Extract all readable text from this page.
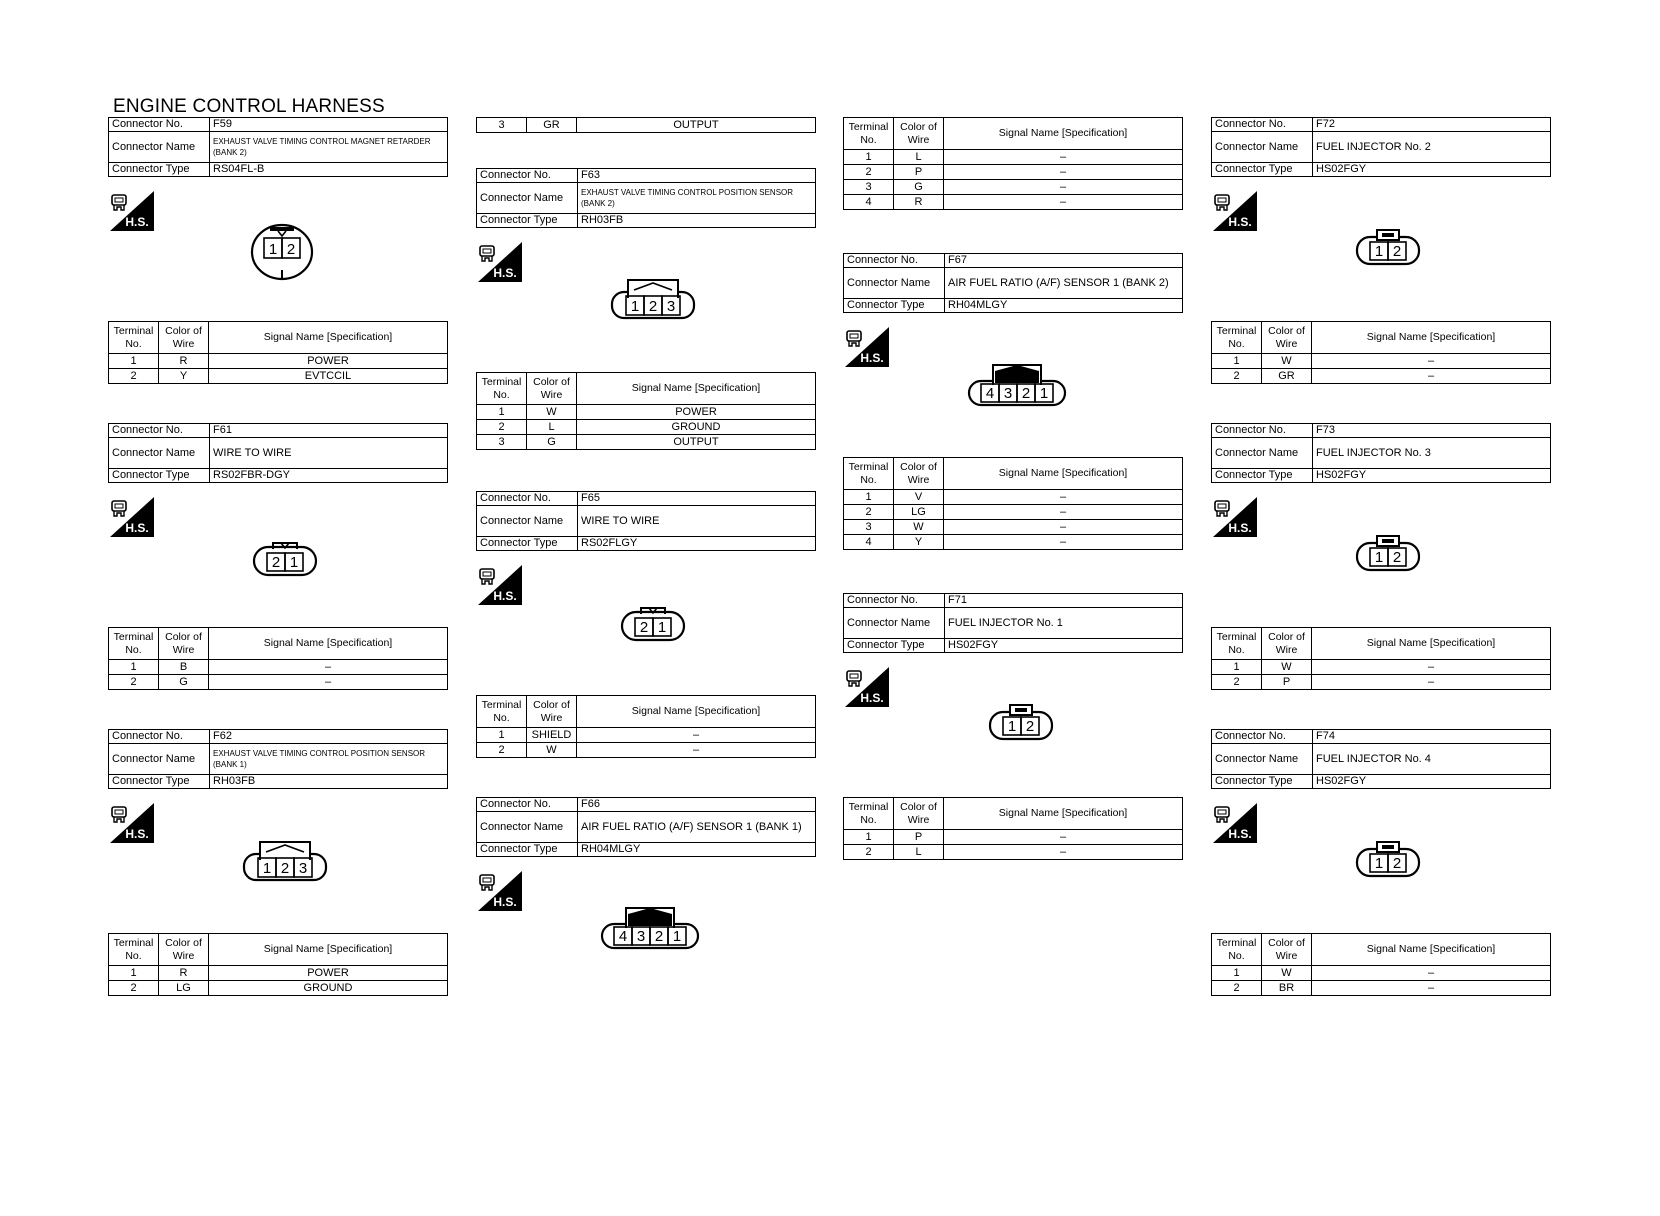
ENGINE CONTROL HARNESS
Connector No.	F59
Connector Name	EXHAUST VALVE TIMING CONTROL MAGNET RETARDER (BANK 2)
Connector Type	RS04FL-B
Connector No.	F61
Connector Name	WIRE TO WIRE
Connector Type	RS02FBR-DGY
Connector No.	F62
Connector Name	EXHAUST VALVE TIMING CONTROL POSITION SENSOR (BANK 1)
Connector Type	RH03FB
Connector No.	F63
Connector Name	EXHAUST VALVE TIMING CONTROL POSITION SENSOR (BANK 2)
Connector Type	RH03FB
Connector No.	F65
Connector Name	WIRE TO WIRE
Connector Type	RS02FLGY
Connector No.	F66
Connector Name	AIR FUEL RATIO (A/F) SENSOR 1 (BANK 1)
Connector Type	RH04MLGY
Connector No.	F67
Connector Name	AIR FUEL RATIO (A/F) SENSOR 1 (BANK 2)
Connector Type	RH04MLGY
Connector No.	F71
Connector Name	FUEL INJECTOR No. 1
Connector Type	HS02FGY
Connector No.	F72
Connector Name	FUEL INJECTOR No. 2
Connector Type	HS02FGY
Connector No.	F73
Connector Name	FUEL INJECTOR No. 3
Connector Type	HS02FGY
Connector No.	F74
Connector Name	FUEL INJECTOR No. 4
Connector Type	HS02FGY
Terminal No.	Color of Wire	Signal Name [Specification]
1	R	POWER
2	Y	EVTCCIL
Terminal No.	Color of Wire	Signal Name [Specification]
1	B	–
2	G	–
Terminal No.	Color of Wire	Signal Name [Specification]
1	R	POWER
2	LG	GROUND
3	GR	OUTPUT
Terminal No.	Color of Wire	Signal Name [Specification]
1	W	POWER
2	L	GROUND
3	G	OUTPUT
Terminal No.	Color of Wire	Signal Name [Specification]
1	SHIELD	–
2	W	–
Terminal No.	Color of Wire	Signal Name [Specification]
1	L	–
2	P	–
3	G	–
4	R	–
Terminal No.	Color of Wire	Signal Name [Specification]
1	V	–
2	LG	–
3	W	–
4	Y	–
Terminal No.	Color of Wire	Signal Name [Specification]
1	P	–
2	L	–
Terminal No.	Color of Wire	Signal Name [Specification]
1	W	–
2	GR	–
Terminal No.	Color of Wire	Signal Name [Specification]
1	W	–
2	P	–
Terminal No.	Color of Wire	Signal Name [Specification]
1	W	–
2	BR	–
H.S.
H.S.
H.S.
H.S.
H.S.
H.S.
H.S.
H.S.
H.S.
H.S.
H.S.
1 2
2 1
1 2 3
1 2 3
2 1
4 3 2 1
4 3 2 1
1 2
1 2
1 2
1 2
